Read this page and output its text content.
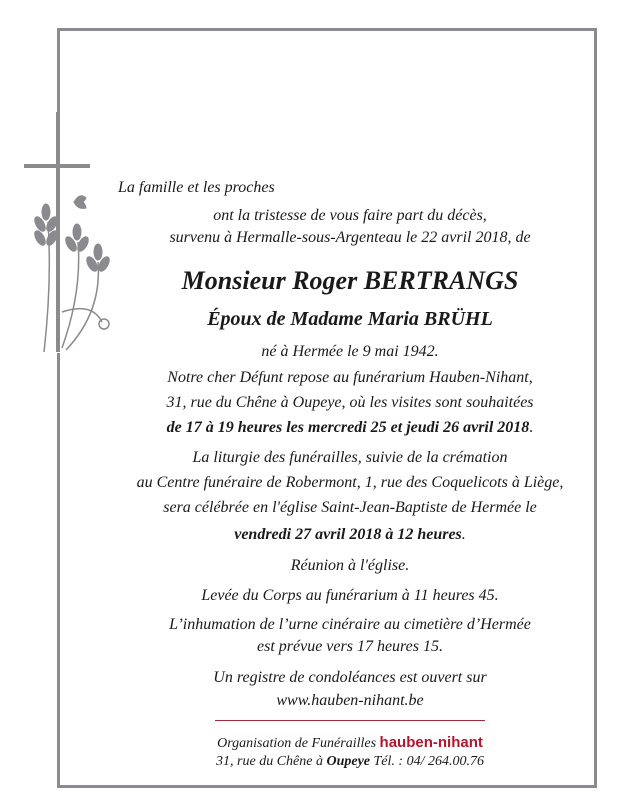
La famille et les proches
ont la tristesse de vous faire part du décès,
survenu à Hermalle-sous-Argenteau le 22 avril 2018, de
Monsieur Roger BERTRANGS
Époux de Madame Maria BRÜHL
né à Hermée le 9 mai 1942.
Notre cher Défunt repose au funérarium Hauben-Nihant,
31, rue du Chêne à Oupeye, où les visites sont souhaitées
de 17 à 19 heures les mercredi 25 et jeudi 26 avril 2018.
La liturgie des funérailles, suivie de la crémation
au Centre funéraire de Robermont, 1, rue des Coquelicots à Liège,
sera célébrée en l'église Saint-Jean-Baptiste de Hermée le
vendredi 27 avril 2018 à 12 heures.
Réunion à l'église.
Levée du Corps au funérarium à 11 heures 45.
L’inhumation de l’urne cinéraire au cimetière d’Hermée
est prévue vers 17 heures 15.
Un registre de condoléances est ouvert sur
www.hauben-nihant.be
Organisation de Funérailles hauben-nihant
31, rue du Chêne à Oupeye Tél. : 04/ 264.00.76
